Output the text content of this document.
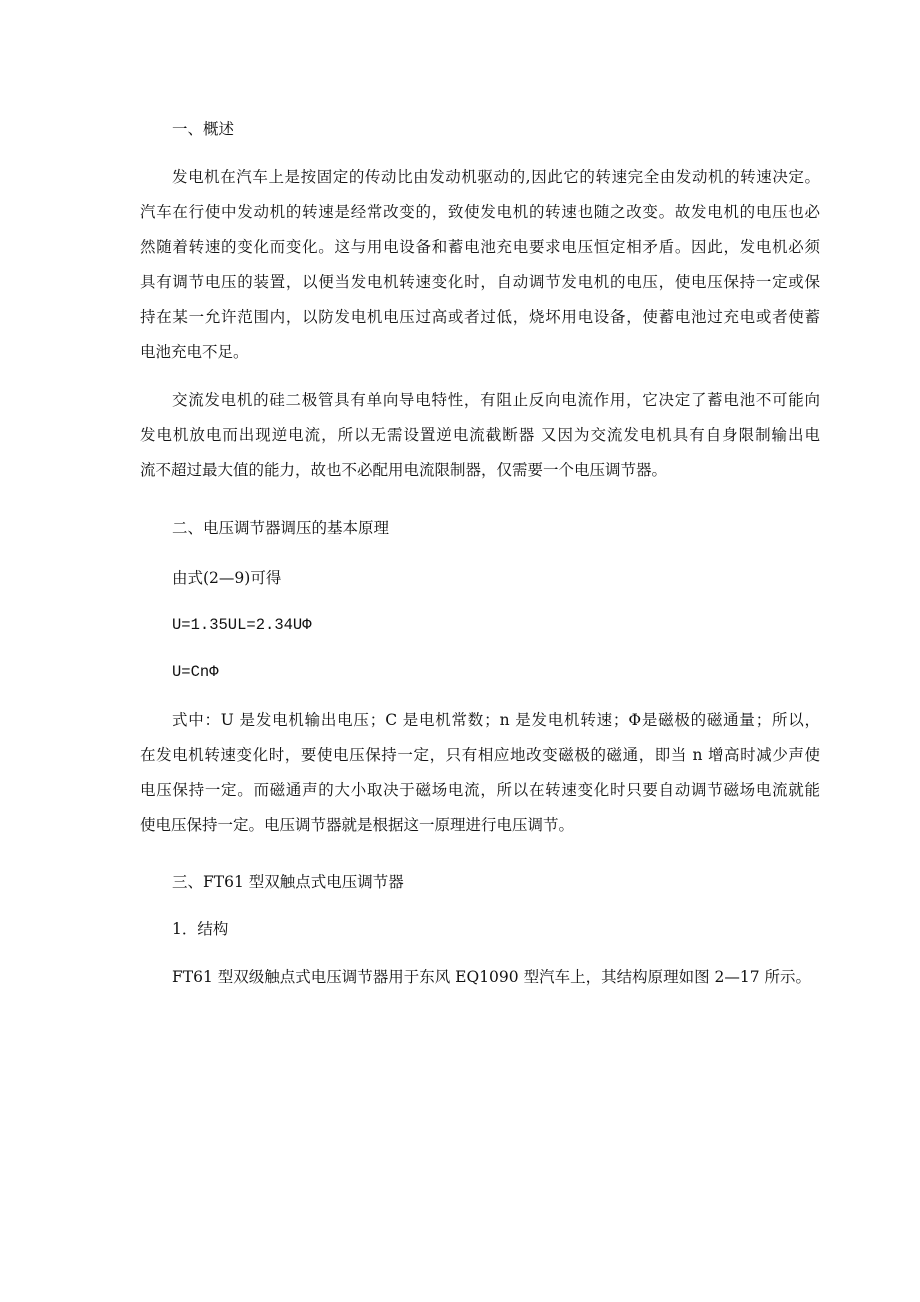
一、概述
发电机在汽车上是按固定的传动比由发动机驱动的,因此它的转速完全由发动机的转速决定。
汽车在行使中发动机的转速是经常改变的，致使发电机的转速也随之改变。故发电机的电压也必
然随着转速的变化而变化。这与用电设备和蓄电池充电要求电压恒定相矛盾。因此，发电机必须
具有调节电压的装置，以便当发电机转速变化时，自动调节发电机的电压，使电压保持一定或保
持在某一允许范围内，以防发电机电压过高或者过低，烧坏用电设备，使蓄电池过充电或者使蓄
电池充电不足。
交流发电机的硅二极管具有单向导电特性，有阻止反向电流作用，它决定了蓄电池不可能向
发电机放电而出现逆电流，所以无需设置逆电流截断器 又因为交流发电机具有自身限制输出电
流不超过最大值的能力，故也不必配用电流限制器，仅需要一个电压调节器。
二、电压调节器调压的基本原理
由式(2—9)可得
U=1.35UL=2.34UΦ
U=CnΦ
式中：U 是发电机输出电压；C 是电机常数；n 是发电机转速；Φ是磁极的磁通量；所以，
在发电机转速变化时，要使电压保持一定，只有相应地改变磁极的磁通，即当 n 增高时减少声使
电压保持一定。而磁通声的大小取决于磁场电流，所以在转速变化时只要自动调节磁场电流就能
使电压保持一定。电压调节器就是根据这一原理进行电压调节。
三、FT61 型双触点式电压调节器
1．结构
FT61 型双级触点式电压调节器用于东风 EQ1090 型汽车上，其结构原理如图 2—17 所示。
